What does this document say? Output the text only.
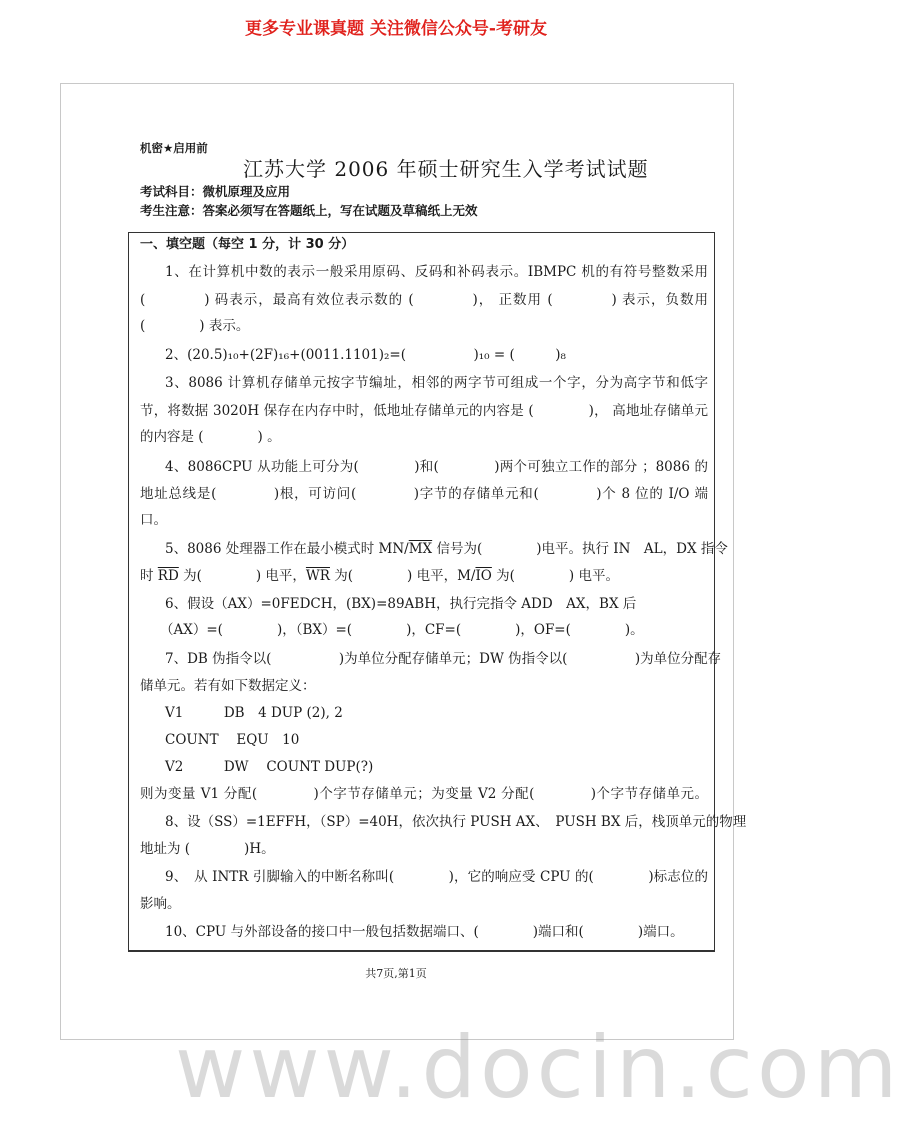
更多专业课真题 关注微信公众号-考研友
www.docin.com
机密★启用前
江苏大学 2006 年硕士研究生入学考试试题
考试科目：微机原理及应用
考生注意：答案必须写在答题纸上，写在试题及草稿纸上无效
一、填空题（每空 1 分，计 30 分）
1、在计算机中数的表示一般采用原码、反码和补码表示。IBMPC 机的有符号整数采用
(　　　　) 码表示，最高有效位表示数的 (　　　　)， 正数用 (　　　　) 表示，负数用
(　　　　) 表示。
2、(20.5)₁₀+(2F)₁₆+(0011.1101)₂=(　　　　　)₁₀ = (　　　)₈
3、8086 计算机存储单元按字节编址，相邻的两字节可组成一个字，分为高字节和低字
节，将数据 3020H 保存在内存中时，低地址存储单元的内容是 (　　　　)， 高地址存储单元
的内容是 (　　　　) 。
4、8086CPU 从功能上可分为(　　　　)和(　　　　)两个可独立工作的部分 ；8086 的
地址总线是(　　　　)根，可访问(　　　　)字节的存储单元和(　　　　)个 8 位的 I/O 端
口。
5、8086 处理器工作在最小模式时 $MN/\overline{MX}$ 信号为(　　　　)电平。执行 IN　AL，DX 指令
时 $\overline{RD}$ 为(　　　　) 电平，$\overline{WR}$ 为(　　　　) 电平，$M/\overline{IO}$ 为(　　　　) 电平。
6、假设（AX）=0FEDCH，(BX)=89ABH，执行完指令 ADD　AX，BX 后
（AX）=(　　　　)，（BX）=(　　　　)，CF=(　　　　)，OF=(　　　　)。
7、DB 伪指令以(　　　　　)为单位分配存储单元；DW 伪指令以(　　　　　)为单位分配存
储单元。若有如下数据定义：
V1　　　DB　4 DUP (2), 2
COUNT　 EQU　10
V2　　　DW　 COUNT DUP(?)
则为变量 V1 分配(　　　　)个字节存储单元；为变量 V2 分配(　　　　)个字节存储单元。
8、设（SS）=1EFFH，（SP）=40H，依次执行 PUSH AX、　PUSH BX 后，栈顶单元的物理
地址为 (　　　　)H。
9、　从 INTR 引脚输入的中断名称叫(　　　　)，它的响应受 CPU 的(　　　　)标志位的
影响。
10、CPU 与外部设备的接口中一般包括数据端口、(　　　　)端口和(　　　　)端口。
共7页,第1页
